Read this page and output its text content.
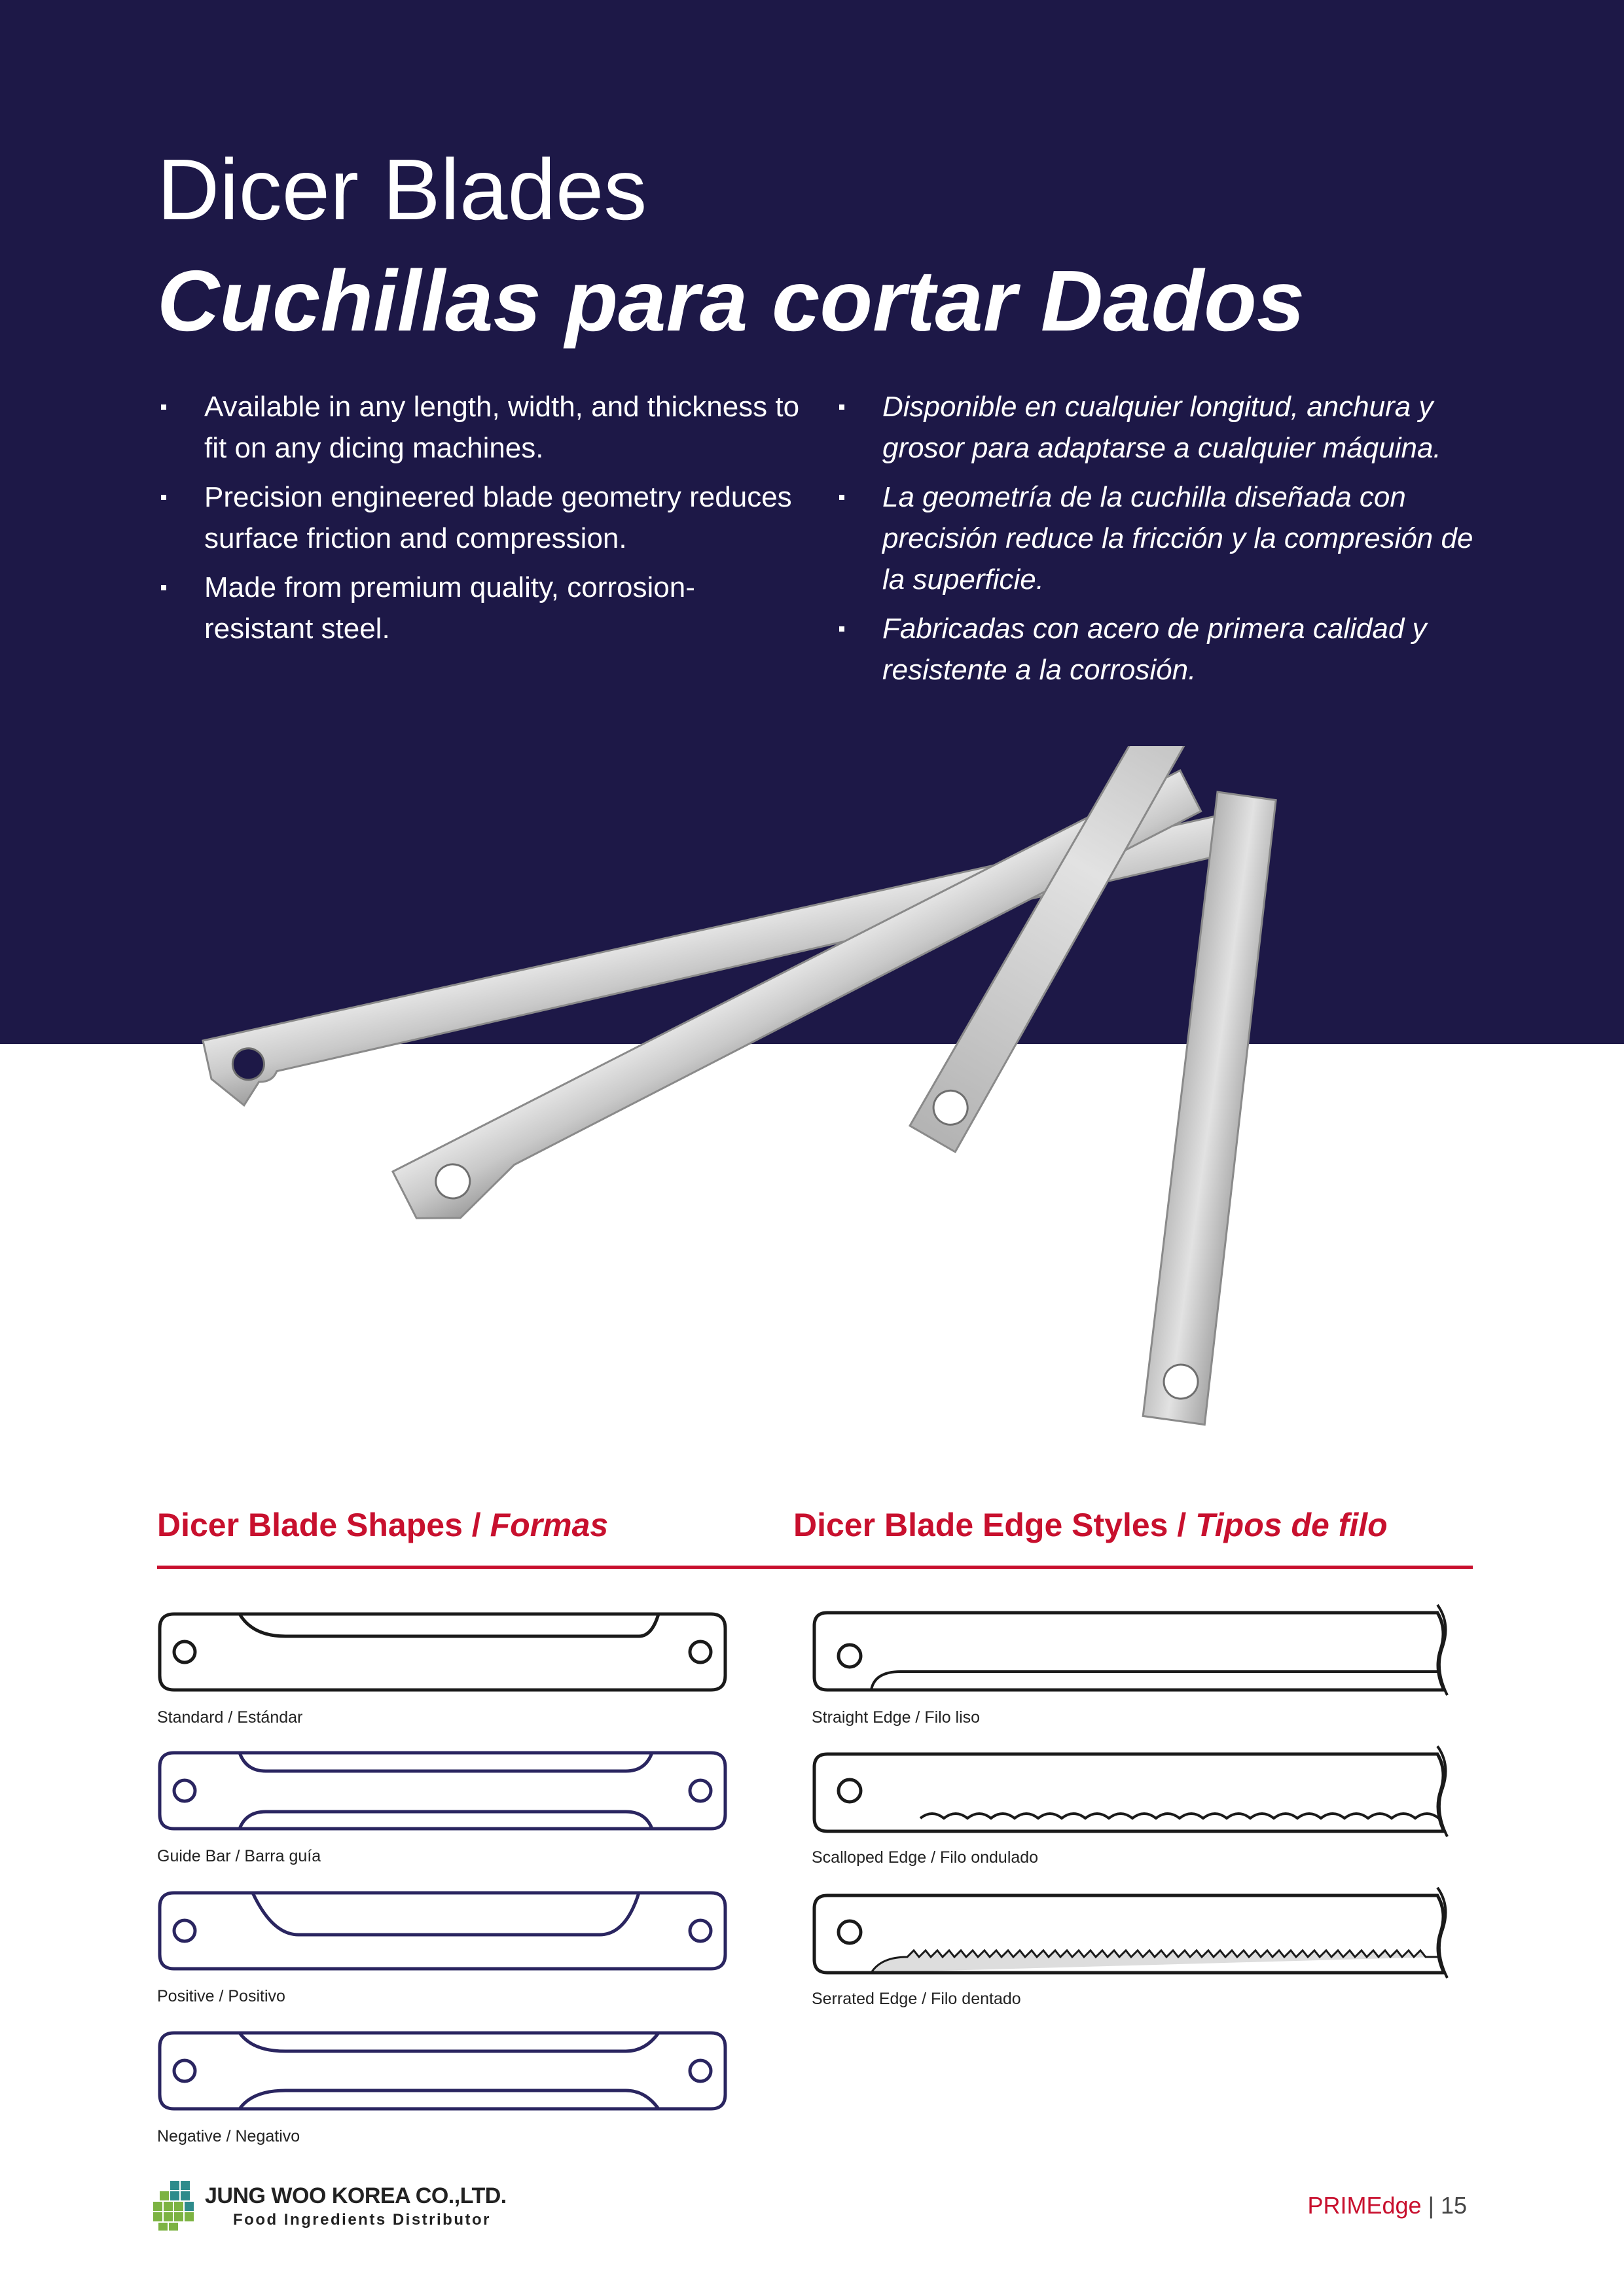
Dicer Blades
Cuchillas para cortar Dados
Available in any length, width, and thickness to fit on any dicing machines.
Precision engineered blade geometry reduces surface friction and compression.
Made from premium quality, corrosion- resistant steel.
Disponible en cualquier longitud, anchura y grosor para adaptarse a cualquier máquina.
La geometría de la cuchilla diseñada con precisión reduce la fricción y la compresión de la superficie.
Fabricadas con acero de primera calidad y resistente a la corrosión.
Dicer Blade Shapes / Formas	Dicer Blade Edge Styles / Tipos de filo
Standard / Estándar
Guide Bar / Barra guía
Positive / Positivo
Negative / Negativo
Straight Edge / Filo liso
Scalloped Edge / Filo ondulado
Serrated Edge / Filo dentado
JUNG WOO KOREA CO.,LTD.
Food Ingredients Distributor
PRIMEdge | 15
